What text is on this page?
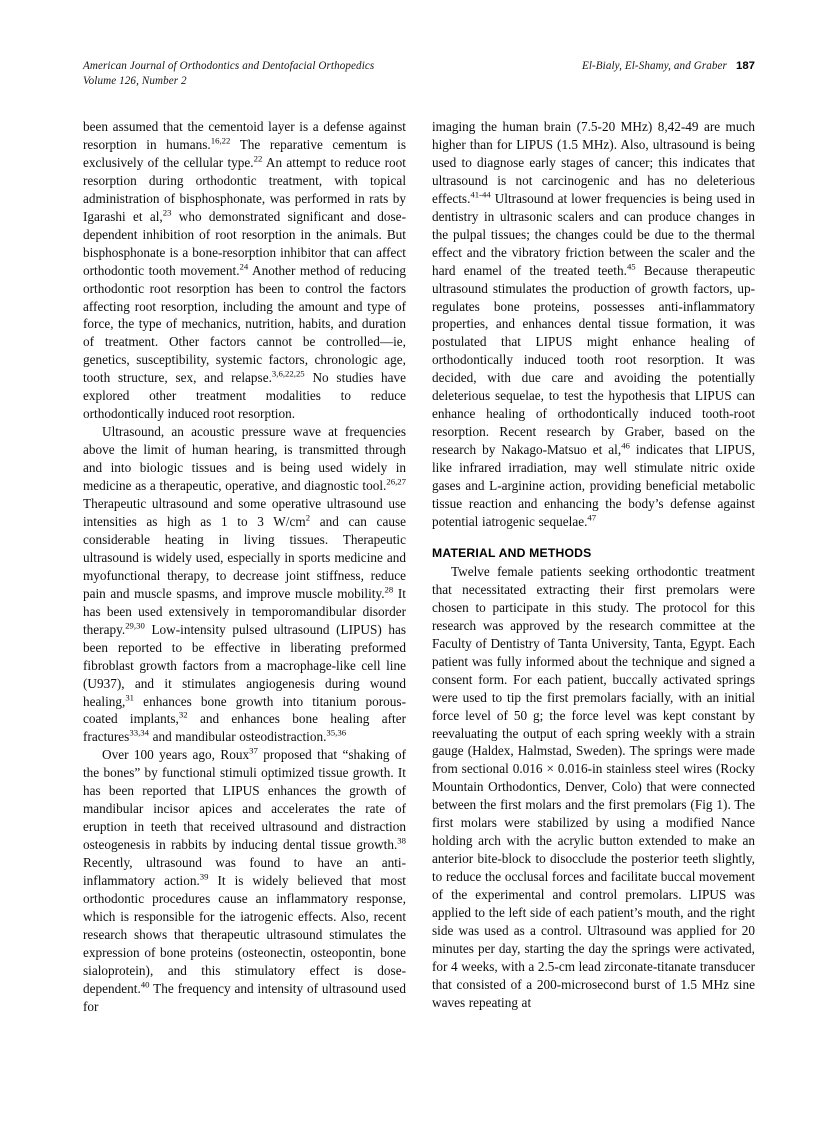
American Journal of Orthodontics and Dentofacial Orthopedics
Volume 126, Number 2
El-Bialy, El-Shamy, and Graber 187

been assumed that the cementoid layer is a defense against resorption in humans.$^{16,22}$ The reparative cementum is exclusively of the cellular type.$^{22}$ An attempt to reduce root resorption during orthodontic treatment, with topical administration of bisphosphonate, was performed in rats by Igarashi et al,$^{23}$ who demonstrated significant and dose-dependent inhibition of root resorption in the animals. But bisphosphonate is a bone-resorption inhibitor that can affect orthodontic tooth movement.$^{24}$ Another method of reducing orthodontic root resorption has been to control the factors affecting root resorption, including the amount and type of force, the type of mechanics, nutrition, habits, and duration of treatment. Other factors cannot be controlled—ie, genetics, susceptibility, systemic factors, chronologic age, tooth structure, sex, and relapse.$^{3,6,22,25}$ No studies have explored other treatment modalities to reduce orthodontically induced root resorption.

Ultrasound, an acoustic pressure wave at frequencies above the limit of human hearing, is transmitted through and into biologic tissues and is being used widely in medicine as a therapeutic, operative, and diagnostic tool.$^{26,27}$ Therapeutic ultrasound and some operative ultrasound use intensities as high as 1 to 3 $W/cm^2$ and can cause considerable heating in living tissues. Therapeutic ultrasound is widely used, especially in sports medicine and myofunctional therapy, to decrease joint stiffness, reduce pain and muscle spasms, and improve muscle mobility.$^{28}$ It has been used extensively in temporomandibular disorder therapy.$^{29,30}$ Low-intensity pulsed ultrasound (LIPUS) has been reported to be effective in liberating preformed fibroblast growth factors from a macrophage-like cell line (U937), and it stimulates angiogenesis during wound healing,$^{31}$ enhances bone growth into titanium porous-coated implants,$^{32}$ and enhances bone healing after fractures$^{33,34}$ and mandibular osteodistraction.$^{35,36}$

Over 100 years ago, Roux$^{37}$ proposed that “shaking of the bones” by functional stimuli optimized tissue growth. It has been reported that LIPUS enhances the growth of mandibular incisor apices and accelerates the rate of eruption in teeth that received ultrasound and distraction osteogenesis in rabbits by inducing dental tissue growth.$^{38}$ Recently, ultrasound was found to have an anti-inflammatory action.$^{39}$ It is widely believed that most orthodontic procedures cause an inflammatory response, which is responsible for the iatrogenic effects. Also, recent research shows that therapeutic ultrasound stimulates the expression of bone proteins (osteonectin, osteopontin, bone sialoprotein), and this stimulatory effect is dose-dependent.$^{40}$ The frequency and intensity of ultrasound used for

imaging the human brain (7.5-20 MHz) 8,42-49 are much higher than for LIPUS (1.5 MHz). Also, ultrasound is being used to diagnose early stages of cancer; this indicates that ultrasound is not carcinogenic and has no deleterious effects.$^{41-44}$ Ultrasound at lower frequencies is being used in dentistry in ultrasonic scalers and can produce changes in the pulpal tissues; the changes could be due to the thermal effect and the vibratory friction between the scaler and the hard enamel of the treated teeth.$^{45}$ Because therapeutic ultrasound stimulates the production of growth factors, up-regulates bone proteins, possesses anti-inflammatory properties, and enhances dental tissue formation, it was postulated that LIPUS might enhance healing of orthodontically induced tooth root resorption. It was decided, with due care and avoiding the potentially deleterious sequelae, to test the hypothesis that LIPUS can enhance healing of orthodontically induced tooth-root resorption. Recent research by Graber, based on the research by Nakago-Matsuo et al,$^{46}$ indicates that LIPUS, like infrared irradiation, may well stimulate nitric oxide gases and L-arginine action, providing beneficial metabolic tissue reaction and enhancing the body’s defense against potential iatrogenic sequelae.$^{47}$

MATERIAL AND METHODS

Twelve female patients seeking orthodontic treatment that necessitated extracting their first premolars were chosen to participate in this study. The protocol for this research was approved by the research committee at the Faculty of Dentistry of Tanta University, Tanta, Egypt. Each patient was fully informed about the technique and signed a consent form. For each patient, buccally activated springs were used to tip the first premolars facially, with an initial force level of 50 g; the force level was kept constant by reevaluating the output of each spring weekly with a strain gauge (Haldex, Halmstad, Sweden). The springs were made from sectional 0.016 × 0.016-in stainless steel wires (Rocky Mountain Orthodontics, Denver, Colo) that were connected between the first molars and the first premolars (Fig 1). The first molars were stabilized by using a modified Nance holding arch with the acrylic button extended to make an anterior bite-block to disocclude the posterior teeth slightly, to reduce the occlusal forces and facilitate buccal movement of the experimental and control premolars. LIPUS was applied to the left side of each patient’s mouth, and the right side was used as a control. Ultrasound was applied for 20 minutes per day, starting the day the springs were activated, for 4 weeks, with a 2.5-cm lead zirconate-titanate transducer that consisted of a 200-microsecond burst of 1.5 MHz sine waves repeating at
